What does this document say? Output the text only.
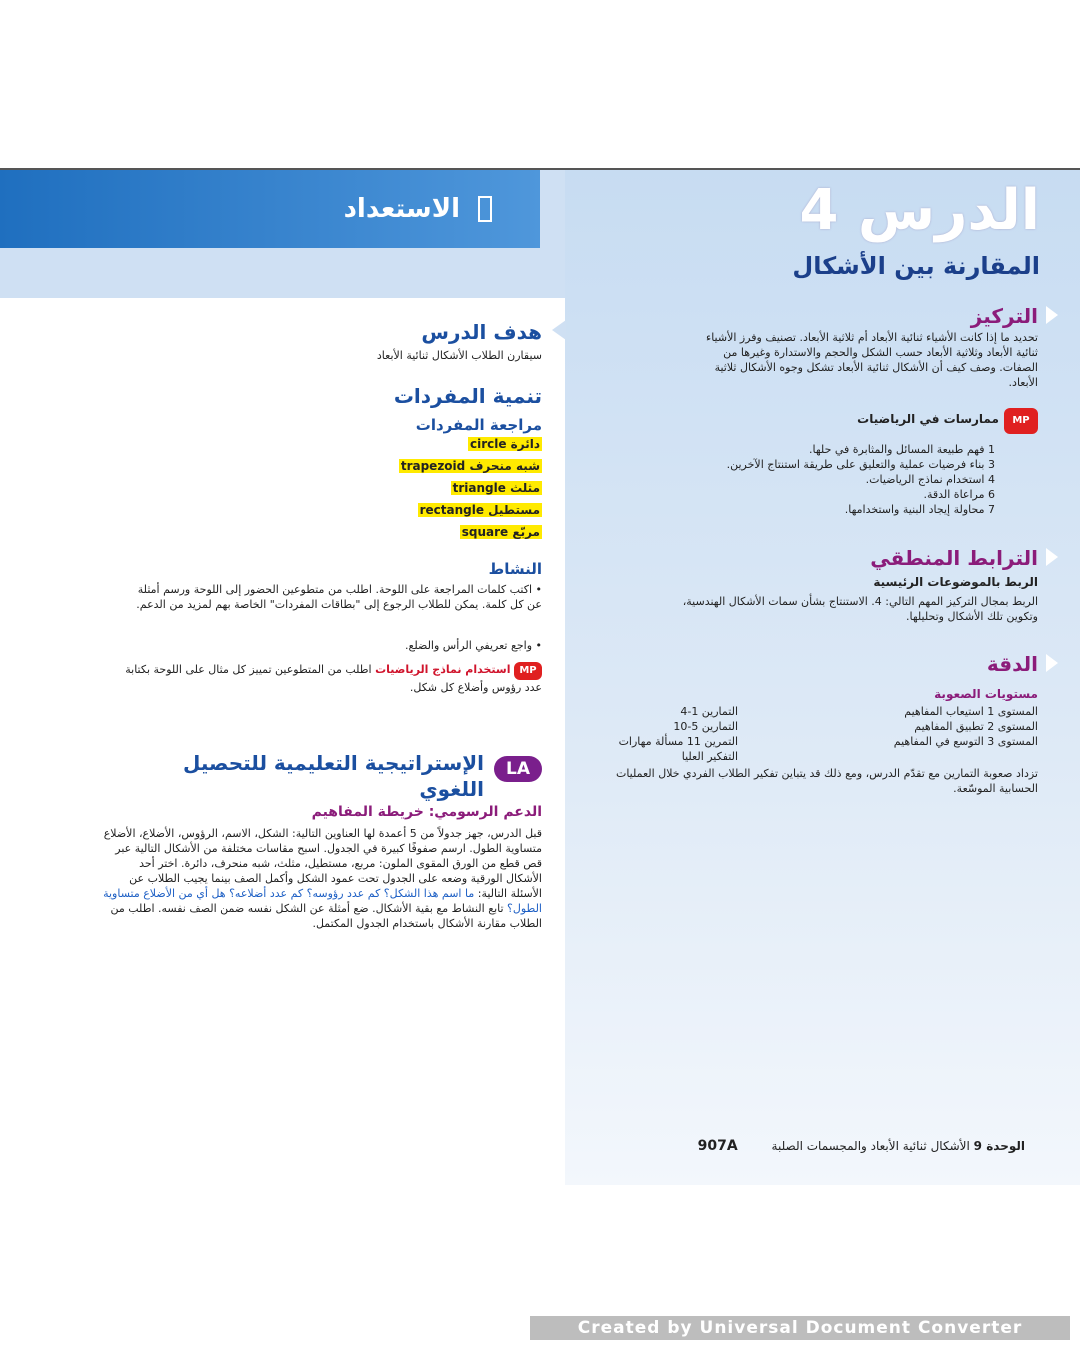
الاستعداد	الدرس 4
المقارنة بين الأشكال
التركيز
تحديد ما إذا كانت الأشياء ثنائية الأبعاد أم ثلاثية الأبعاد. تصنيف وفرز الأشياء ثنائية الأبعاد وثلاثية الأبعاد حسب الشكل والحجم والاستدارة وغيرها من الصفات. وصف كيف أن الأشكال ثنائية الأبعاد تشكل وجوه الأشكال ثلاثية الأبعاد.
MP ممارسات في الرياضيات
1 فهم طبيعة المسائل والمثابرة في حلها.
3 بناء فرضيات عملية والتعليق على طريقة استنتاج الآخرين.
4 استخدام نماذج الرياضيات.
6 مراعاة الدقة.
7 محاولة إيجاد البنية واستخدامها.
الترابط المنطقي
الربط بالموضوعات الرئيسية
الربط بمجال التركيز المهم التالي: 4. الاستنتاج بشأن سمات الأشكال الهندسية، وتكوين تلك الأشكال وتحليلها.
الدقة
مستويات الصعوبة
المستوى 1 استيعاب المفاهيم
التمارين 1-4
المستوى 2 تطبيق المفاهيم
التمارين 5-10
المستوى 3 التوسع في المفاهيم
التمرين 11 مسألة مهارات التفكير العليا
تزداد صعوبة التمارين مع تقدّم الدرس، ومع ذلك قد يتباين تفكير الطلاب الفردي خلال العمليات الحسابية الموسّعة.
هدف الدرس
سيقارن الطلاب الأشكال ثنائية الأبعاد
تنمية المفردات
مراجعة المفردات
دائرة circle
شبه منحرف trapezoid
مثلث triangle
مستطيل rectangle
مربّع square
النشاط
• اكتب كلمات المراجعة على اللوحة. اطلب من متطوعين الحضور إلى اللوحة ورسم أمثلة عن كل كلمة. يمكن للطلاب الرجوع إلى "بطاقات المفردات" الخاصة بهم لمزيد من الدعم.
• واجع تعريفي الرأس والضلع.
MP استخدام نماذج الرياضيات اطلب من المتطوعين تمييز كل مثال على اللوحة بكتابة عدد رؤوس وأضلاع كل شكل.
LA
الإستراتيجية التعليمية للتحصيل اللغوي
الدعم الرسومي: خريطة المفاهيم
قبل الدرس، جهز جدولاً من 5 أعمدة لها العناوين التالية: الشكل، الاسم، الرؤوس، الأضلاع، الأضلاع متساوية الطول. ارسم صفوفًا كبيرة في الجدول. اسبح مقاسات مختلفة من الأشكال التالية عبر قص قطع من الورق المقوى الملون: مربع، مستطيل، مثلث، شبه منحرف، دائرة. اختر أحد الأشكال الورقية وضعه على الجدول تحت عمود الشكل وأكمل الصف بينما يجيب الطلاب عن الأسئلة التالية: ما اسم هذا الشكل؟ كم عدد رؤوسه؟ كم عدد أضلاعه؟ هل أي من الأضلاع متساوية الطول؟ تابع النشاط مع بقية الأشكال. ضع أمثلة عن الشكل نفسه ضمن الصف نفسه. اطلب من الطلاب مقارنة الأشكال باستخدام الجدول المكتمل.
الوحدة 9 الأشكال ثنائية الأبعاد والمجسمات الصلبة 907A
Created by Universal Document Converter
